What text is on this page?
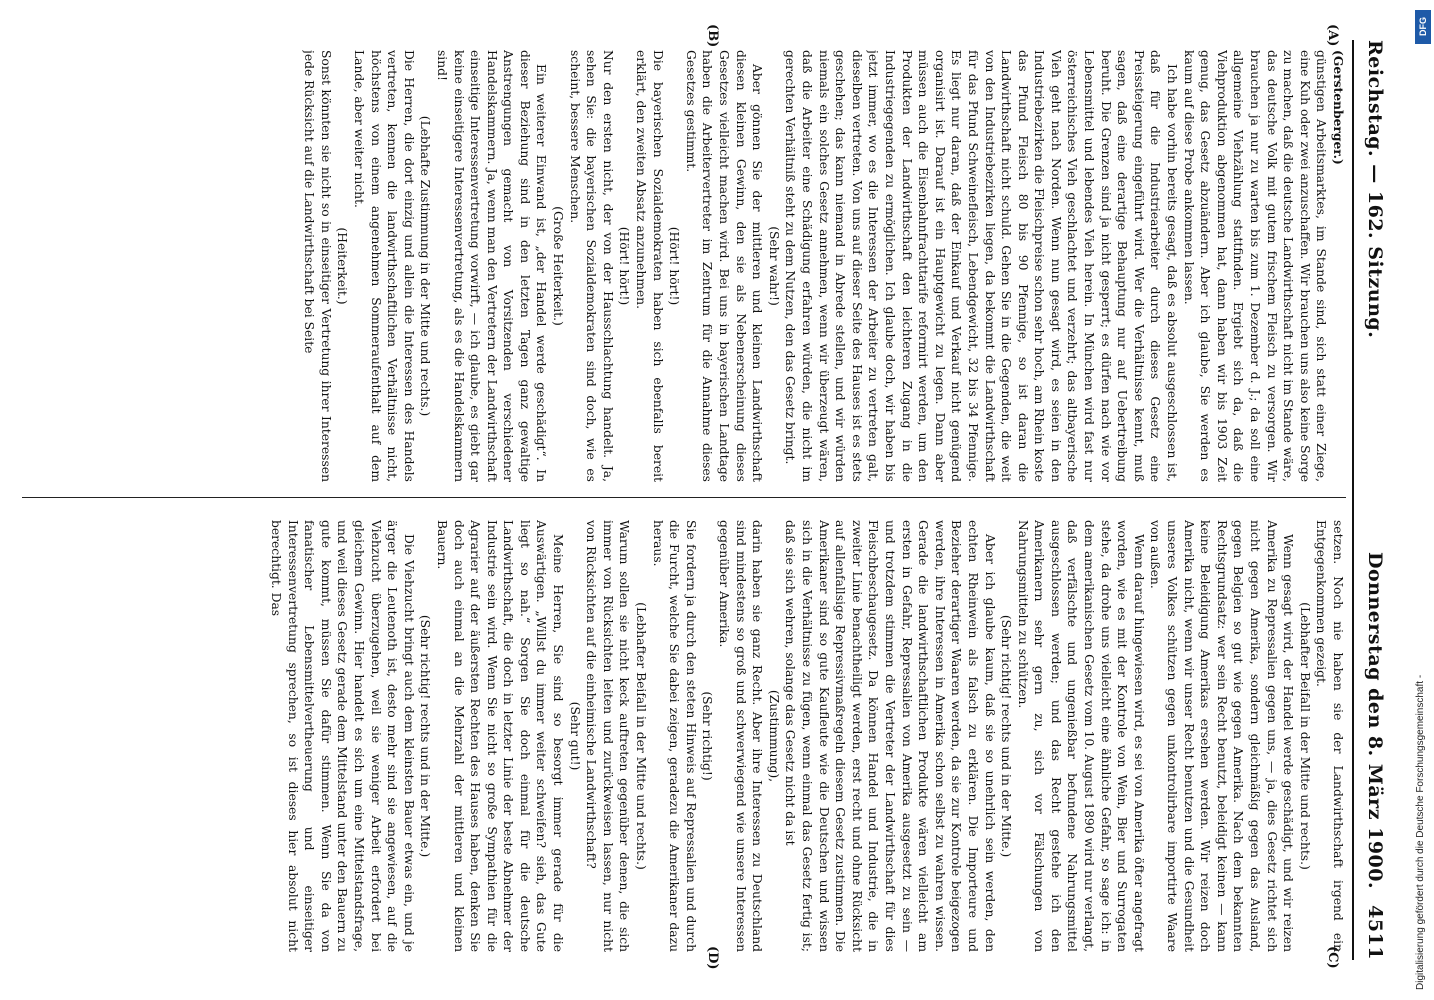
Reichstag. — 162. Sitzung.
Donnerstag den 8. März 1900.
4511
(A)
(B)
(C)
(D)

(Gerstenberger.)

günstigen Arbeitsmarktes, im Stande sind, sich statt einer Ziege, eine Kuh oder zwei anzuschaffen. Wir brauchen uns also keine Sorge zu machen, daß die deutsche Landwirthschaft nicht im Stande wäre, das deutsche Volk mit gutem frischem Fleisch zu versorgen. Wir brauchen ja nur zu warten bis zum 1. Dezember d. J.; da soll eine allgemeine Viehzählung stattfinden. Ergiebt sich da, daß die Viehproduktion abgenommen hat, dann haben wir bis 1903 Zeit genug, das Gesetz abzuändern. Aber ich glaube, Sie werden es kaum auf diese Probe ankommen lassen.

Ich habe vorhin bereits gesagt, daß es absolut ausgeschlossen ist, daß für die Industriearbeiter durch dieses Gesetz eine Preissteigerung eingeführt wird. Wer die Verhältnisse kennt, muß sagen, daß eine derartige Behauptung nur auf Uebertreibung beruht. Die Grenzen sind ja nicht gesperrt; es dürfen nach wie vor Lebensmittel und lebendes Vieh herein. In München wird fast nur österreichisches Vieh geschlachtet und verzehrt; das altbayerische Vieh geht nach Norden. Wenn nun gesagt wird, es seien in den Industriebezirken die Fleischpreise schon sehr hoch, am Rhein koste das Pfund Fleisch 80 bis 90 Pfennige, so ist daran die Landwirthschaft nicht schuld. Gehen Sie in die Gegenden, die weit von den Industriebezirken liegen, da bekommt die Landwirthschaft für das Pfund Schweinefleisch, Lebendgewicht, 32 bis 34 Pfennige. Es liegt nur daran, daß der Einkauf und Verkauf nicht genügend organisirt ist. Darauf ist ein Hauptgewicht zu legen. Dann aber müssen auch die Eisenbahnfrachttarife reformirt werden, um den Produkten der Landwirthschaft den leichteren Zugang in die Industriegegenden zu ermöglichen. Ich glaube doch, wir haben bis jetzt immer, wo es die Interessen der Arbeiter zu vertreten galt, dieselben vertreten. Von uns auf dieser Seite des Hauses ist es stets geschehen; das kann niemand in Abrede stellen, und wir würden niemals ein solches Gesetz annehmen, wenn wir überzeugt wären, daß die Arbeiter eine Schädigung erfahren würden, die nicht im gerechten Verhältniß steht zu dem Nutzen, den das Gesetz bringt.

(Sehr wahr!)

Aber gönnen Sie der mittleren und kleinen Landwirthschaft diesen kleinen Gewinn, den sie als Nebenerscheinung dieses Gesetzes vielleicht machen wird. Bei uns in bayerischen Landtage haben die Arbeitervertreter im Zentrum für die Annahme dieses Gesetzes gestimmt.

(Hört! hört!)

Die bayerischen Sozialdemokraten haben sich ebenfalls bereit erklärt, den zweiten Absatz anzunehmen.

(Hört! hört!)

Nur den ersten nicht, der von der Hausschlachtung handelt. Ja, sehen Sie: die bayerischen Sozialdemokraten sind doch, wie es scheint, bessere Menschen.

(Große Heiterkeit.)

Ein weiterer Einwand ist, „der Handel werde geschädigt“. In dieser Beziehung sind in den letzten Tagen ganz gewaltige Anstrengungen gemacht von Vorsitzenden verschiedener Handelskammern. Ja, wenn man den Vertretern der Landwirthschaft einseitige Interessenvertretung vorwirft, — ich glaube, es giebt gar keine einseitigere Interessenvertretung, als es die Handelskammern sind!

(Lebhafte Zustimmung in der Mitte und rechts.)

Die Herren, die dort einzig und allein die Interessen des Handels vertreten, kennen die landwirthschaftlichen Verhältnisse nicht, höchstens von einem angenehmen Sommeraufenthalt auf dem Lande, aber weiter nicht.

(Heiterkeit.)

Sonst könnten sie nicht so in einseitiger Vertretung ihrer Interessen jede Rücksicht auf die Landwirthschaft bei Seite

setzen. Noch nie haben sie der Landwirthschaft irgend ein Entgegenkommen gezeigt.

(Lebhafter Beifall in der Mitte und rechts.)

Wenn gesagt wird, der Handel werde geschädigt, und wir reizen Amerika zu Repressalien gegen uns, — ja, dies Gesetz richtet sich nicht gegen Amerika, sondern gleichmäßig gegen das Ausland, gegen Belgien so gut wie gegen Amerika. Nach dem bekannten Rechtsgrundsatz: wer sein Recht benutzt, beleidigt keinen — kann keine Beleidigung Amerikas ersehen werden. Wir reizen doch Amerika nicht, wenn wir unser Recht benutzen und die Gesundheit unseres Volkes schützen gegen unkontrolirbare importirte Waare von außen.

Wenn darauf hingewiesen wird, es sei von Amerika öfter angefragt worden, wie es mit der Kontrole von Wein, Bier und Surrogaten stehe, da drohe uns vielleicht eine ähnliche Gefahr, so sage ich: in dem amerikanischen Gesetz vom 10. August 1890 wird nur verlangt, daß verfälschte und ungenießbar befundene Nahrungsmittel ausgeschlossen werden; und das Recht gestehe ich den Amerikanern sehr gern zu, sich vor Fälschungen von Nahrungsmitteln zu schützen.

(Sehr richtig! rechts und in der Mitte.)

Aber ich glaube kaum, daß sie so unehrlich sein werden, den echten Rheinwein als falsch zu erklären. Die Importeure und Bezieher derartiger Waaren werden, da sie zur Kontrole beigezogen werden, ihre Interessen in Amerika schon selbst zu wahren wissen. Gerade die landwirthschaftlichen Produkte wären vielleicht am ersten in Gefahr, Repressalien von Amerika ausgesetzt zu sein — und trotzdem stimmen die Vertreter der Landwirthschaft für dies Fleischbeschaugesetz. Da können Handel und Industrie, die in zweiter Linie benachtheiligt werden, erst recht und ohne Rücksicht auf allenfallsige Repressivmaßregeln diesem Gesetz zustimmen. Die Amerikaner sind so gute Kaufleute wie die Deutschen und wissen sich in die Verhältnisse zu fügen, wenn einmal das Gesetz fertig ist; daß sie sich wehren, solange das Gesetz nicht da ist

(Zustimmung),

darin haben sie ganz Recht. Aber ihre Interessen zu Deutschland sind mindestens so groß und schwerwiegend wie unsere Interessen gegenüber Amerika.

(Sehr richtig!)

Sie fordern ja durch den steten Hinweis auf Repressalien und durch die Furcht, welche Sie dabei zeigen, geradezu die Amerikaner dazu heraus.

(Lebhafter Beifall in der Mitte und rechts.)

Warum sollen sie nicht keck auftreten gegenüber denen, die sich immer von Rücksichten leiten und zurückweisen lassen, nur nicht von Rücksichten auf die einheimische Landwirthschaft?

(Sehr gut!)

Meine Herren, Sie sind so besorgt immer gerade für die Auswärtigen. „Willst du immer weiter schweifen? sieh, das Gute liegt so nah.“ Sorgen Sie doch einmal für die deutsche Landwirthschaft, die doch in letzter Linie der beste Abnehmer der Industrie sein wird. Wenn Sie nicht so große Sympathien für die Agrarier auf der äußersten Rechten des Hauses haben, denken Sie doch auch einmal an die Mehrzahl der mittleren und kleinen Bauern.

(Sehr richtig! rechts und in der Mitte.)

Die Viehzucht bringt auch dem kleinsten Bauer etwas ein, und je ärger die Leutenoth ist, desto mehr sind sie angewiesen, auf die Viehzucht überzugehen, weil sie weniger Arbeit erfordert bei gleichem Gewinn. Hier handelt es sich um eine Mittelstandsfrage, und weil dieses Gesetz gerade dem Mittelstand unter den Bauern zu gute kommt, müssen Sie dafür stimmen. Wenn Sie da von fanatischer Lebensmittelvertheuerung und einseitiger Interessenvertretung sprechen, so ist dieses hier absolut nicht berechtigt. Das

DFG
Digitalisierung gefördert durch die Deutsche Forschungsgemeinschaft -
